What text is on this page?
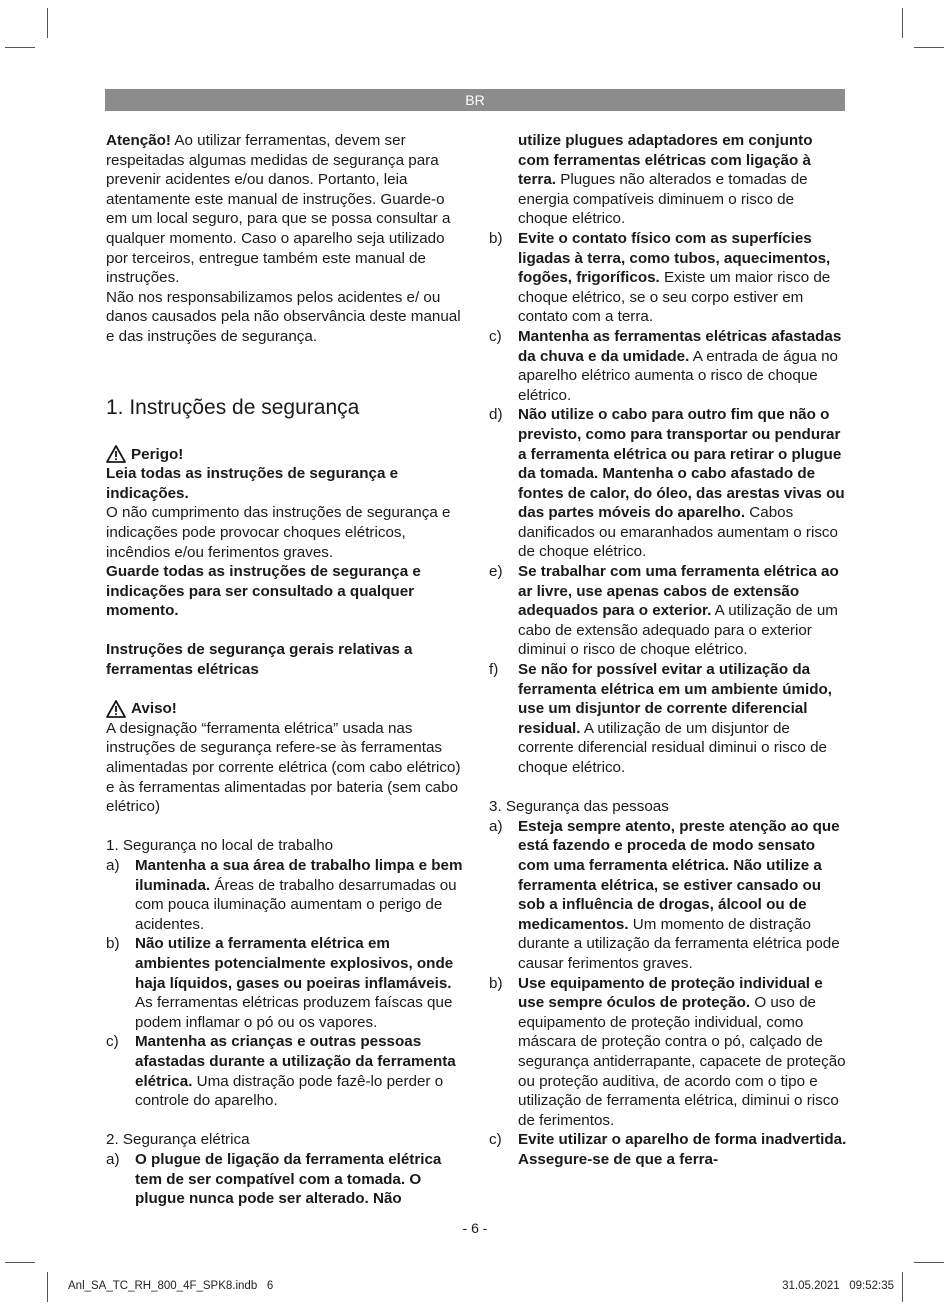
BR

Atenção! Ao utilizar ferramentas, devem ser respeitadas algumas medidas de segurança para prevenir acidentes e/ou danos. Portanto, leia atentamente este manual de instruções. Guarde-o em um local seguro, para que se possa consultar a qualquer momento. Caso o aparelho seja utilizado por terceiros, entregue também este manual de instruções.

Não nos responsabilizamos pelos acidentes e/ ou danos causados pela não observância deste manual e das instruções de segurança.

1. Instruções de segurança
Perigo!

Leia todas as instruções de segurança e indicações.

O não cumprimento das instruções de segurança e indicações pode provocar choques elétricos, incêndios e/ou ferimentos graves.

Guarde todas as instruções de segurança e indicações para ser consultado a qualquer momento.

Instruções de segurança gerais relativas a ferramentas elétricas

Aviso!

A designação “ferramenta elétrica” usada nas instruções de segurança refere-se às ferramentas alimentadas por corrente elétrica (com cabo elétrico) e às ferramentas alimentadas por bateria (sem cabo elétrico)

1. Segurança no local de trabalho

a)	Mantenha a sua área de trabalho limpa e bem iluminada. Áreas de trabalho desarrumadas ou com pouca iluminação aumentam o perigo de acidentes.
b)	Não utilize a ferramenta elétrica em ambientes potencialmente explosivos, onde haja líquidos, gases ou poeiras inflamáveis. As ferramentas elétricas produzem faíscas que podem inflamar o pó ou os vapores.
c)	Mantenha as crianças e outras pessoas afastadas durante a utilização da ferramenta elétrica. Uma distração pode fazê-lo perder o controle do aparelho.

2. Segurança elétrica

a)	O plugue de ligação da ferramenta elétrica tem de ser compatível com a tomada. O plugue nunca pode ser alterado. Não

utilize plugues adaptadores em conjunto com ferramentas elétricas com ligação à terra. Plugues não alterados e tomadas de energia compatíveis diminuem o risco de choque elétrico.

b)	Evite o contato físico com as superfícies ligadas à terra, como tubos, aquecimentos, fogões, frigoríficos. Existe um maior risco de choque elétrico, se o seu corpo estiver em contato com a terra.
c)	Mantenha as ferramentas elétricas afastadas da chuva e da umidade. A entrada de água no aparelho elétrico aumenta o risco de choque elétrico.
d)	Não utilize o cabo para outro fim que não o previsto, como para transportar ou pendurar a ferramenta elétrica ou para retirar o plugue da tomada. Mantenha o cabo afastado de fontes de calor, do óleo, das arestas vivas ou das partes móveis do aparelho. Cabos danificados ou emaranhados aumentam o risco de choque elétrico.
e)	Se trabalhar com uma ferramenta elétrica ao ar livre, use apenas cabos de extensão adequados para o exterior. A utilização de um cabo de extensão adequado para o exterior diminui o risco de choque elétrico.
f)	Se não for possível evitar a utilização da ferramenta elétrica em um ambiente úmido, use um disjuntor de corrente diferencial residual. A utilização de um disjuntor de corrente diferencial residual diminui o risco de choque elétrico.

3. Segurança das pessoas

a)	Esteja sempre atento, preste atenção ao que está fazendo e proceda de modo sensato com uma ferramenta elétrica. Não utilize a ferramenta elétrica, se estiver cansado ou sob a influência de drogas, álcool ou de medicamentos. Um momento de distração durante a utilização da ferramenta elétrica pode causar ferimentos graves.
b)	Use equipamento de proteção individual e use sempre óculos de proteção. O uso de equipamento de proteção individual, como máscara de proteção contra o pó, calçado de segurança antiderrapante, capacete de proteção ou proteção auditiva, de acordo com o tipo e utilização de ferramenta elétrica, diminui o risco de ferimentos.
c)	Evite utilizar o aparelho de forma inadvertida. Assegure-se de que a ferra-
- 6 -
Anl_SA_TC_RH_800_4F_SPK8.indb   6	31.05.2021   09:52:35
